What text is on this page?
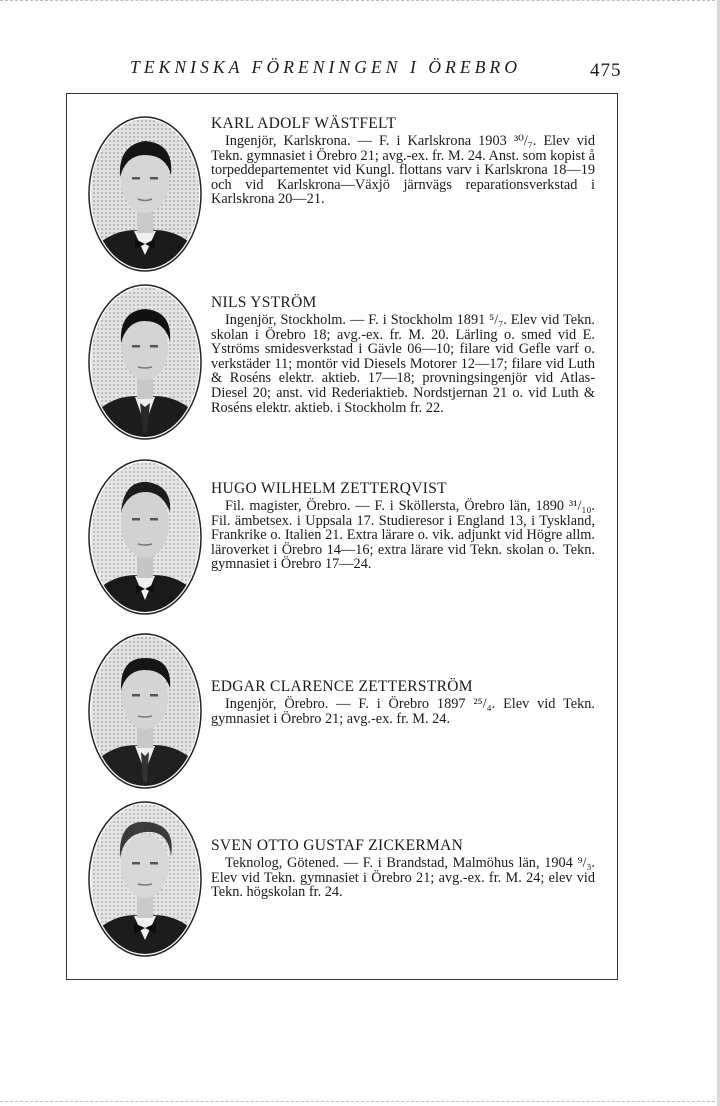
TEKNISKA FÖRENINGEN I ÖREBRO	475
KARL ADOLF WÄSTFELT

Ingenjör, Karlskrona. — F. i Karlskrona 1903 ³⁰/₇. Elev vid Tekn. gymnasiet i Örebro 21; avg.-ex. fr. M. 24. Anst. som kopist å torpeddepartementet vid Kungl. flottans varv i Karlskrona 18—19 och vid Karlskrona—Växjö järnvägs reparationsverkstad i Karlskrona 20—21.

NILS YSTRÖM

Ingenjör, Stockholm. — F. i Stockholm 1891 ⁵/₇. Elev vid Tekn. skolan i Örebro 18; avg.-ex. fr. M. 20. Lärling o. smed vid E. Yströms smidesverkstad i Gävle 06—10; filare vid Gefle varf o. verkstäder 11; montör vid Diesels Motorer 12—17; filare vid Luth & Roséns elektr. aktieb. 17—18; provningsingenjör vid Atlas-Diesel 20; anst. vid Rederiaktieb. Nordstjernan 21 o. vid Luth & Roséns elektr. aktieb. i Stockholm fr. 22.

HUGO WILHELM ZETTERQVIST

Fil. magister, Örebro. — F. i Sköllersta, Örebro län, 1890 ³¹/₁₀. Fil. ämbetsex. i Uppsala 17. Studieresor i England 13, i Tyskland, Frankrike o. Italien 21. Extra lärare o. vik. adjunkt vid Högre allm. läroverket i Örebro 14—16; extra lärare vid Tekn. skolan o. Tekn. gymnasiet i Örebro 17—24.

EDGAR CLARENCE ZETTERSTRÖM

Ingenjör, Örebro. — F. i Örebro 1897 ²⁵/₄. Elev vid Tekn. gymnasiet i Örebro 21; avg.-ex. fr. M. 24.

SVEN OTTO GUSTAF ZICKERMAN

Teknolog, Götened. — F. i Brandstad, Malmöhus län, 1904 ⁹/₃. Elev vid Tekn. gymnasiet i Örebro 21; avg.-ex. fr. M. 24; elev vid Tekn. högskolan fr. 24.
